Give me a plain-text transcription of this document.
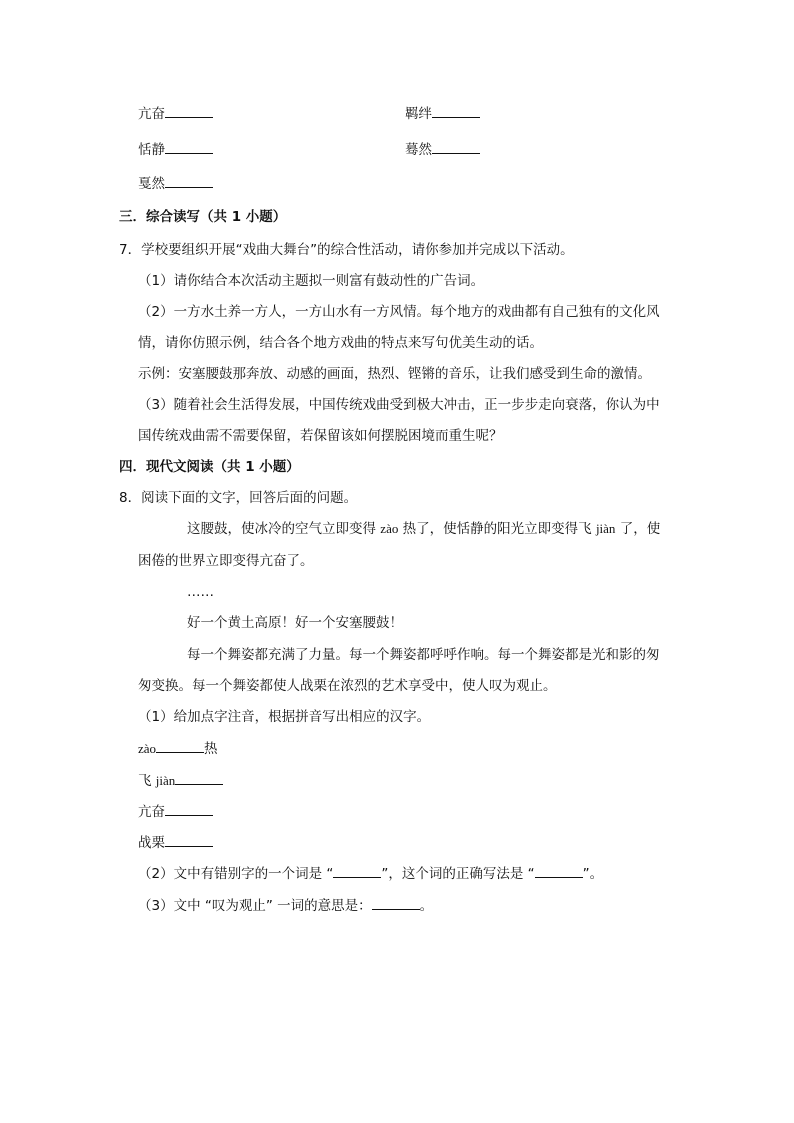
亢奋	羁绊
恬静	蓦然
戛然
三．综合读写（共 1 小题）
7．学校要组织开展“戏曲大舞台”的综合性活动，请你参加并完成以下活动。
（1）请你结合本次活动主题拟一则富有鼓动性的广告词。
（2）一方水土养一方人，一方山水有一方风情。每个地方的戏曲都有自己独有的文化风
情，请你仿照示例，结合各个地方戏曲的特点来写句优美生动的话。
示例：安塞腰鼓那奔放、动感的画面，热烈、铿锵的音乐，让我们感受到生命的激情。
（3）随着社会生活得发展，中国传统戏曲受到极大冲击，正一步步走向衰落，你认为中
国传统戏曲需不需要保留，若保留该如何摆脱困境而重生呢？
四．现代文阅读（共 1 小题）
8．阅读下面的文字，回答后面的问题。
这腰鼓，使冰冷的空气立即变得 zào 热了，使恬静的阳光立即变得飞 jiàn 了，使
困倦的世界立即变得亢奋了。
……
好一个黄土高原！好一个安塞腰鼓！
每一个舞姿都充满了力量。每一个舞姿都呼呼作响。每一个舞姿都是光和影的匆
匆变换。每一个舞姿都使人战栗在浓烈的艺术享受中，使人叹为观止。
（1）给加点字注音，根据拼音写出相应的汉字。
zào	热
飞 jiàn
亢奋
战栗
（2）文中有错别字的一个词是 “	”，这个词的正确写法是 “	”。
（3）文中 “叹为观止” 一词的意思是：	。
